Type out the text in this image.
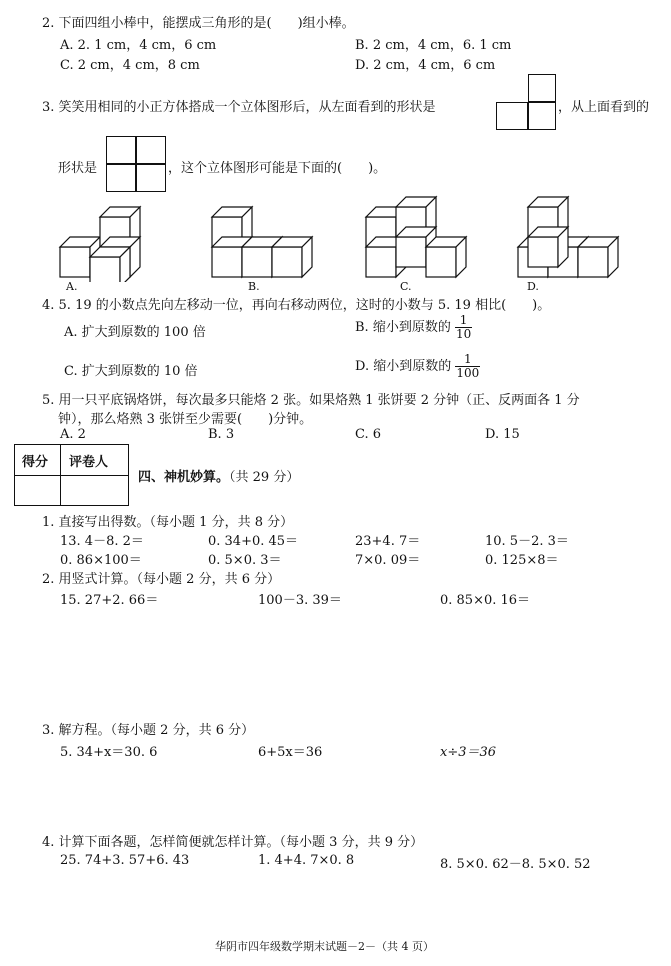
2. 下面四组小棒中，能摆成三角形的是(　　)组小棒。
A. 2. 1 cm，4 cm，6 cm	B. 2 cm，4 cm，6. 1 cm
C. 2 cm，4 cm，8 cm	D. 2 cm，4 cm，6 cm
3. 笑笑用相同的小正方体搭成一个立体图形后，从左面看到的形状是	，从上面看到的
形状是	，这个立体图形可能是下面的(　　)。
A.	B.	C.	D.
4. 5. 19 的小数点先向左移动一位，再向右移动两位，这时的小数与 5. 19 相比(　　)。
A. 扩大到原数的 100 倍	B. 缩小到原数的 $\frac{1}{10}$
C. 扩大到原数的 10 倍	D. 缩小到原数的 $\frac{1}{100}$
5. 用一只平底锅烙饼，每次最多只能烙 2 张。如果烙熟 1 张饼要 2 分钟（正、反两面各 1 分
钟），那么烙熟 3 张饼至少需要(　　)分钟。
A. 2	B. 3	C. 6	D. 15
得分 评卷人
四、神机妙算。（共 29 分）
1. 直接写出得数。（每小题 1 分，共 8 分）
13. 4－8. 2＝	0. 34+0. 45＝	23+4. 7＝	10. 5－2. 3＝
0. 86×100＝	0. 5×0. 3＝	7×0. 09＝	0. 125×8＝
2. 用竖式计算。（每小题 2 分，共 6 分）
15. 27+2. 66＝	100－3. 39＝	0. 85×0. 16＝
3. 解方程。（每小题 2 分，共 6 分）
5. 34+x＝30. 6	6+5x＝36	x÷3＝36
4. 计算下面各题，怎样简便就怎样计算。（每小题 3 分，共 9 分）
25. 74+3. 57+6. 43	1. 4+4. 7×0. 8	8. 5×0. 62－8. 5×0. 52
华阴市四年级数学期末试题－2－（共 4 页）
